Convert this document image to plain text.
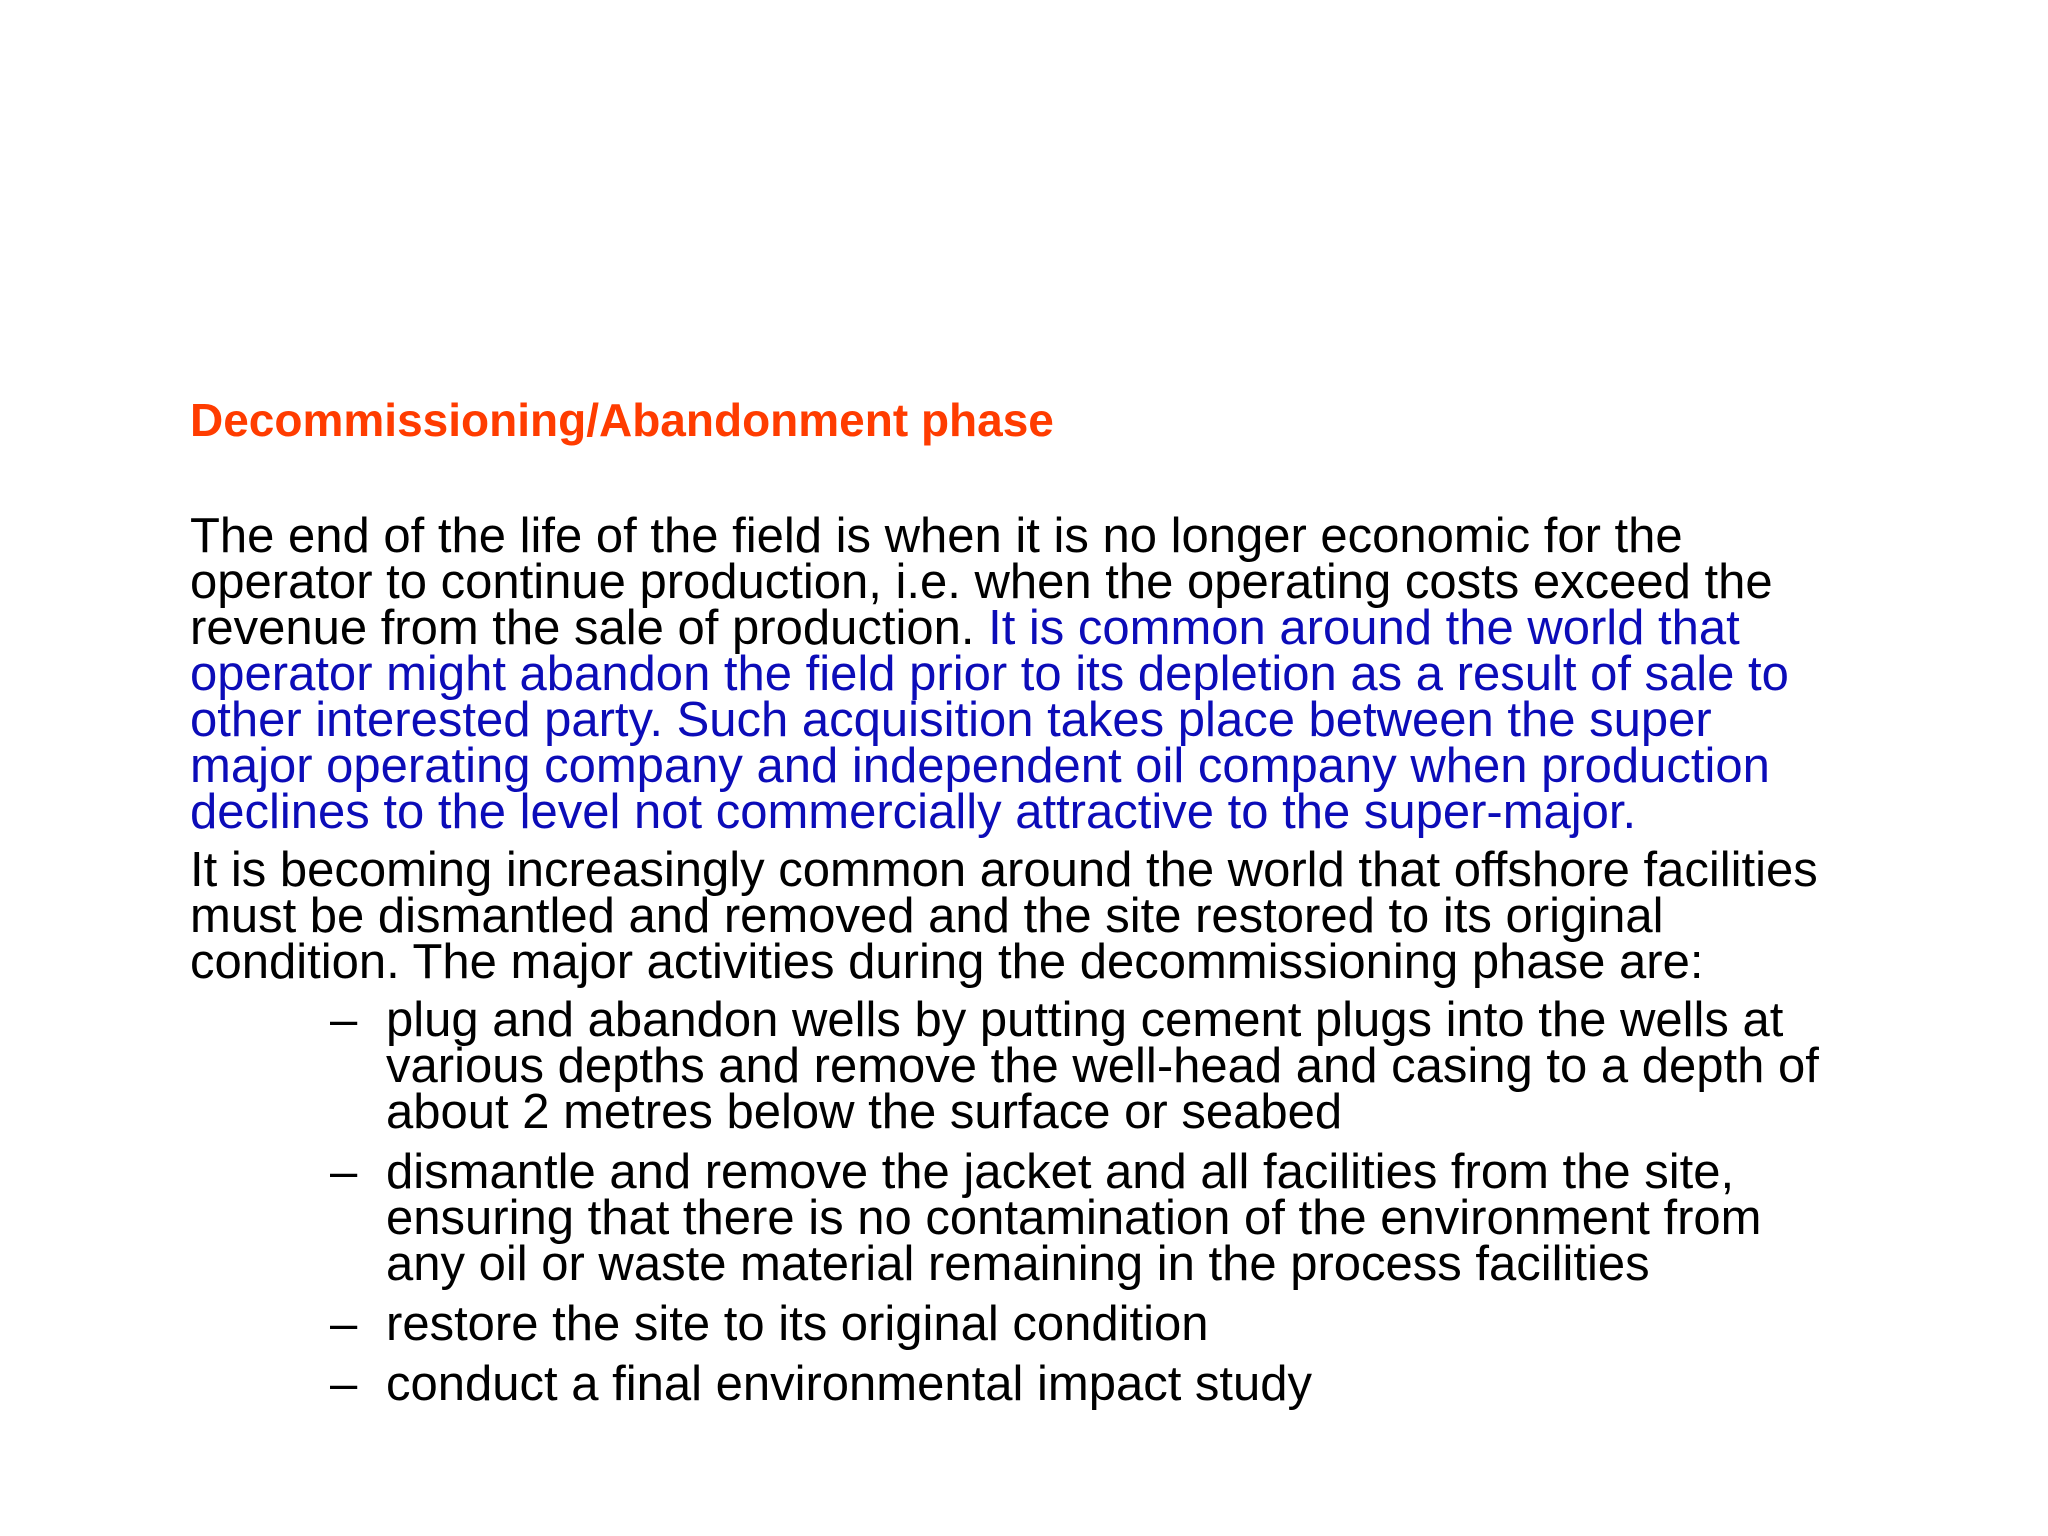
Decommissioning/Abandonment phase

The end of the life of the field is when it is no longer economic for the
operator to continue production, i.e. when the operating costs exceed the
revenue from the sale of production. It is common around the world that
operator might abandon the field prior to its depletion as a result of sale to
other interested party. Such acquisition takes place between the super
major operating company and independent oil company when production
declines to the level not commercially attractive to the super-major.

It is becoming increasingly common around the world that offshore facilities
must be dismantled and removed and the site restored to its original
condition. The major activities during the decommissioning phase are:

– plug and abandon wells by putting cement plugs into the wells at
various depths and remove the well-head and casing to a depth of
about 2 metres below the surface or seabed
– dismantle and remove the jacket and all facilities from the site,
ensuring that there is no contamination of the environment from
any oil or waste material remaining in the process facilities
– restore the site to its original condition
– conduct a final environmental impact study
